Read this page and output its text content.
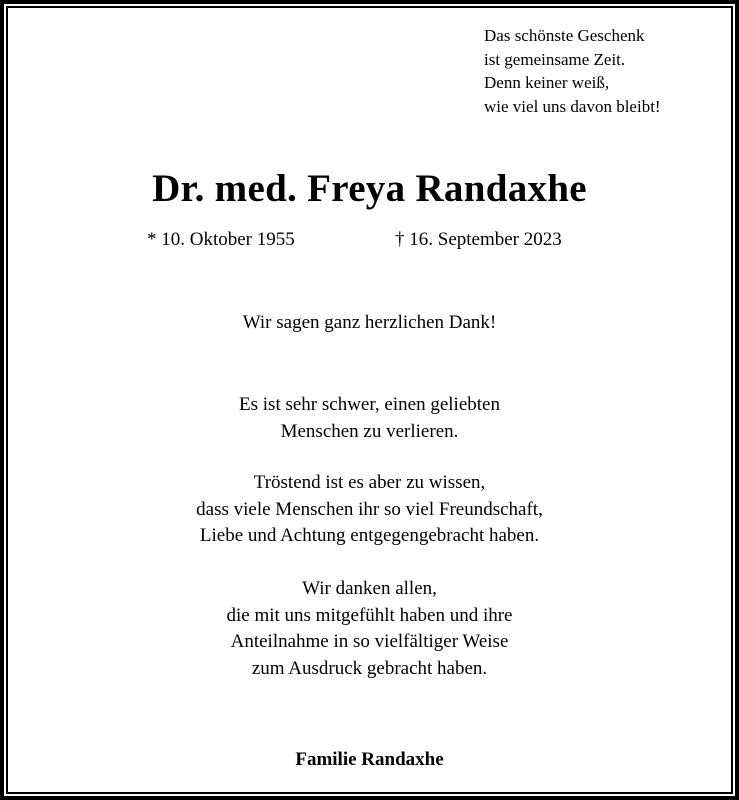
Das schönste Geschenk
ist gemeinsame Zeit.
Denn keiner weiß,
wie viel uns davon bleibt!
Dr. med. Freya Randaxhe
* 10. Oktober 1955	† 16. September 2023
Wir sagen ganz herzlichen Dank!
Es ist sehr schwer, einen geliebten
Menschen zu verlieren.
Tröstend ist es aber zu wissen,
dass viele Menschen ihr so viel Freundschaft,
Liebe und Achtung entgegengebracht haben.
Wir danken allen,
die mit uns mitgefühlt haben und ihre
Anteilnahme in so vielfältiger Weise
zum Ausdruck gebracht haben.
Familie Randaxhe
